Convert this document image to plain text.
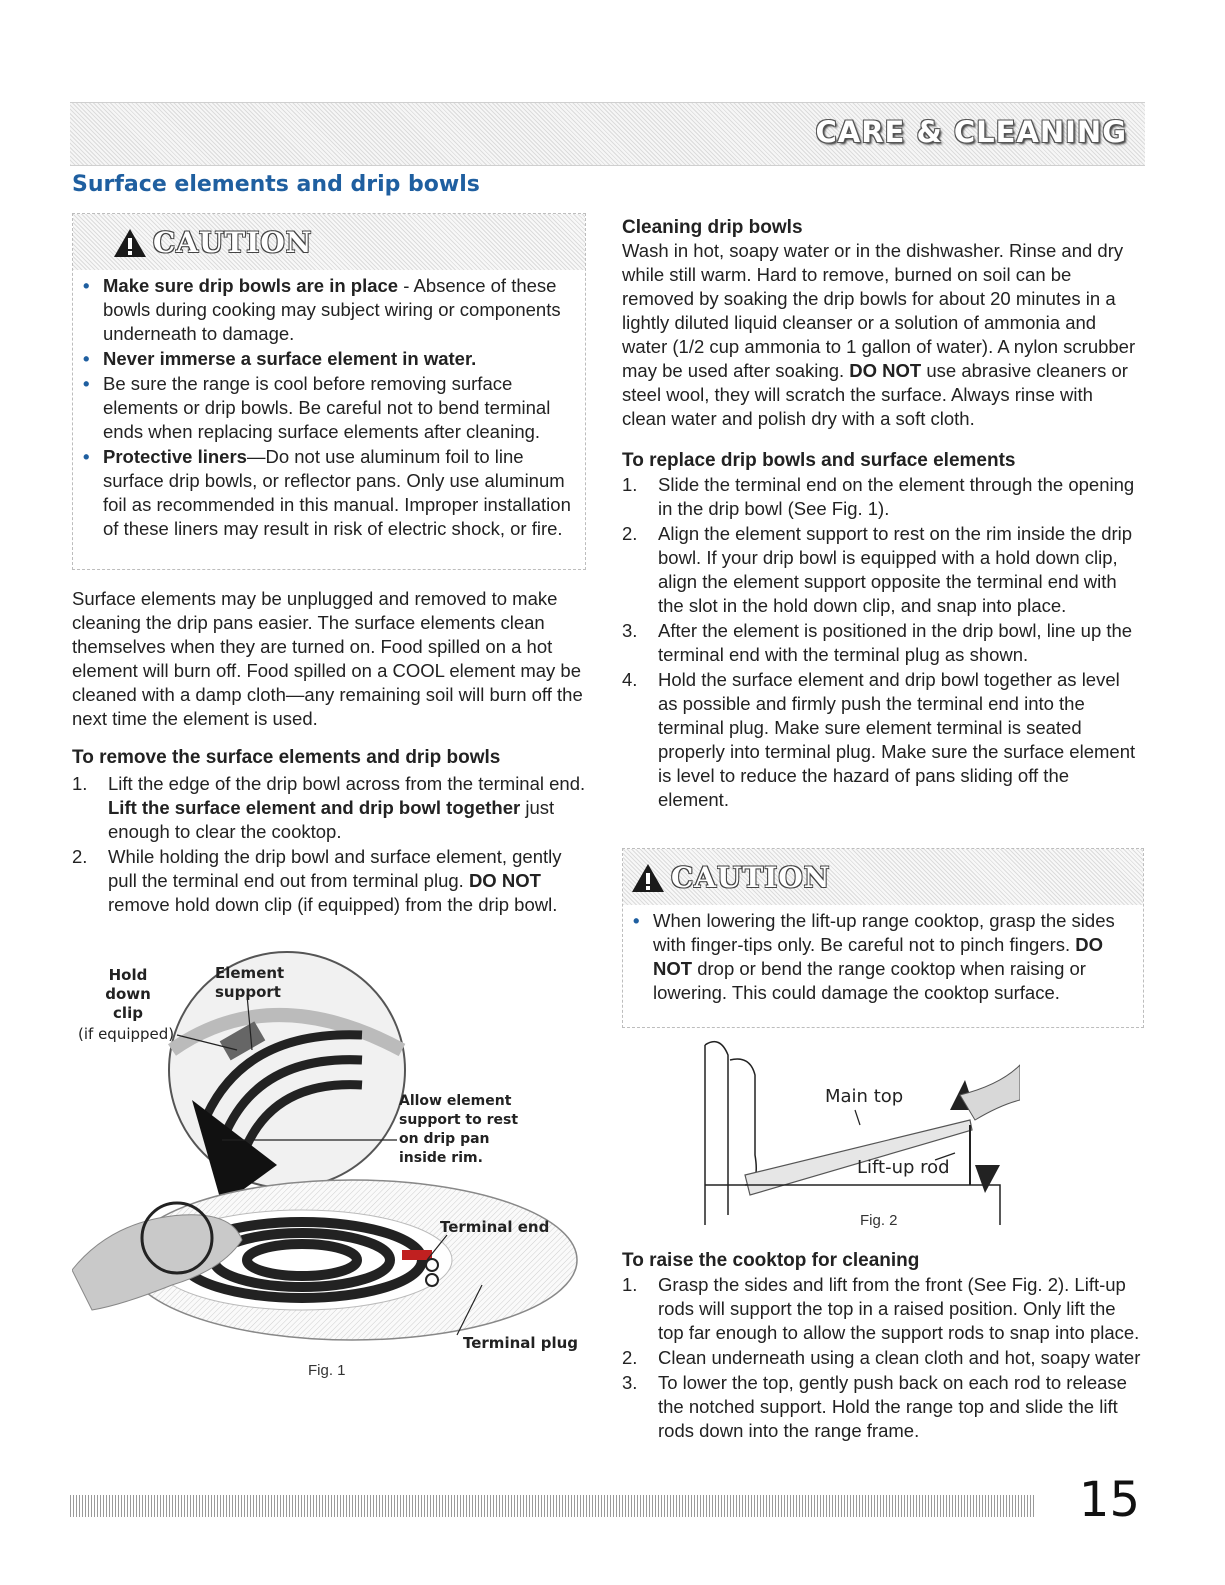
CARE & CLEANING
Surface elements and drip bowls
CAUTION
• Make sure drip bowls are in place - Absence of these bowls during cooking may subject wiring or components underneath to damage.
• Never immerse a surface element in water.
• Be sure the range is cool before removing surface elements or drip bowls. Be careful not to bend terminal ends when replacing surface elements after cleaning.
• Protective liners—Do not use aluminum foil to line surface drip bowls, or reflector pans. Only use aluminum foil as recommended in this manual. Improper installation of these liners may result in risk of electric shock, or fire.

Surface elements may be unplugged and removed to make cleaning the drip pans easier. The surface elements clean themselves when they are turned on. Food spilled on a hot element will burn off. Food spilled on a COOL element may be cleaned with a damp cloth—any remaining soil will burn off the next time the element is used.

To remove the surface elements and drip bowls
1. Lift the edge of the drip bowl across from the terminal end. Lift the surface element and drip bowl together just enough to clear the cooktop.
2. While holding the drip bowl and surface element, gently pull the terminal end out from terminal plug. DO NOT remove hold down clip (if equipped) from the drip bowl.
Hold down clip
(if equipped)
Element support
Allow element support to rest on drip pan inside rim.
Terminal end
Terminal plug
Fig. 1
Cleaning drip bowls

Wash in hot, soapy water or in the dishwasher. Rinse and dry while still warm. Hard to remove, burned on soil can be removed by soaking the drip bowls for about 20 minutes in a lightly diluted liquid cleanser or a solution of ammonia and water (1/2 cup ammonia to 1 gallon of water). A nylon scrubber may be used after soaking. DO NOT use abrasive cleaners or steel wool, they will scratch the surface. Always rinse with clean water and polish dry with a soft cloth.

To replace drip bowls and surface elements
1. Slide the terminal end on the element through the opening in the drip bowl (See Fig. 1).
2. Align the element support to rest on the rim inside the drip bowl. If your drip bowl is equipped with a hold down clip, align the element support opposite the terminal end with the slot in the hold down clip, and snap into place.
3. After the element is positioned in the drip bowl, line up the terminal end with the terminal plug as shown.
4. Hold the surface element and drip bowl together as level as possible and firmly push the terminal end into the terminal plug. Make sure element terminal is seated properly into terminal plug. Make sure the surface element is level to reduce the hazard of pans sliding off the element.
CAUTION
• When lowering the lift-up range cooktop, grasp the sides with finger-tips only. Be careful not to pinch fingers. DO NOT drop or bend the range cooktop when raising or lowering. This could damage the cooktop surface.
Main top
Lift-up rod
Fig. 2
To raise the cooktop for cleaning
1. Grasp the sides and lift from the front (See Fig. 2). Lift-up rods will support the top in a raised position. Only lift the top far enough to allow the support rods to snap into place.
2. Clean underneath using a clean cloth and hot, soapy water
3. To lower the top, gently push back on each rod to release the notched support. Hold the range top and slide the lift rods down into the range frame.
15
